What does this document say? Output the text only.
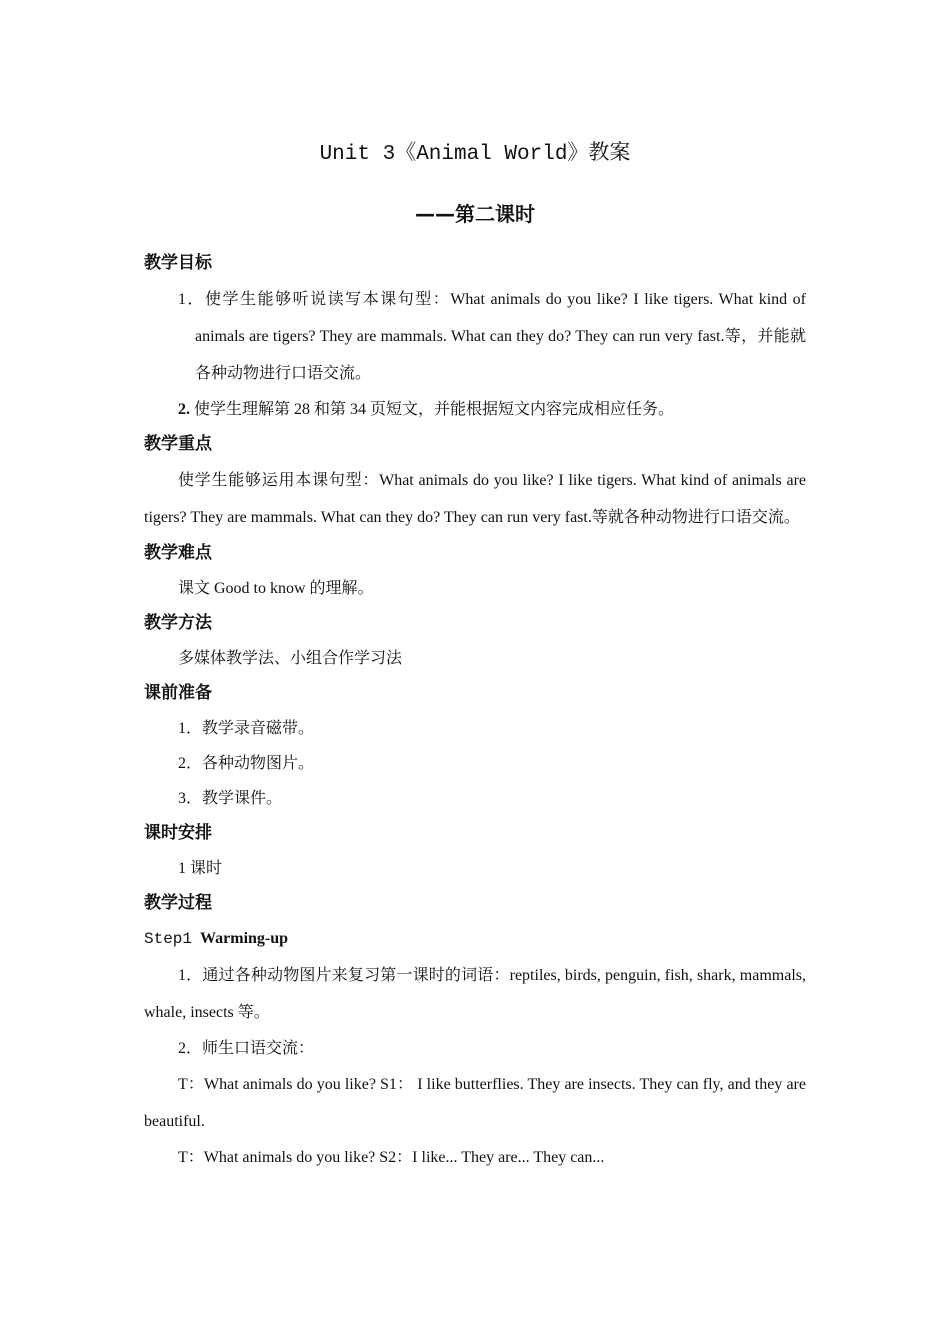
Unit 3《Animal World》教案
——第二课时

教学目标

1．使学生能够听说读写本课句型：What animals do you like? I like tigers. What kind of animals are tigers? They are mammals. What can they do? They can run very fast.等，并能就各种动物进行口语交流。

2. 使学生理解第 28 和第 34 页短文，并能根据短文内容完成相应任务。

教学重点

使学生能够运用本课句型：What animals do you like? I like tigers. What kind of animals are tigers? They are mammals. What can they do? They can run very fast.等就各种动物进行口语交流。

教学难点

课文 Good to know 的理解。

教学方法

多媒体教学法、小组合作学习法

课前准备

1．教学录音磁带。

2．各种动物图片。

3．教学课件。

课时安排

1 课时

教学过程

Step1 Warming-up

1．通过各种动物图片来复习第一课时的词语：reptiles, birds, penguin, fish, shark, mammals, whale, insects 等。

2．师生口语交流：

T：What animals do you like? S1： I like butterflies. They are insects. They can fly, and they are beautiful.

T：What animals do you like? S2：I like... They are... They can...
